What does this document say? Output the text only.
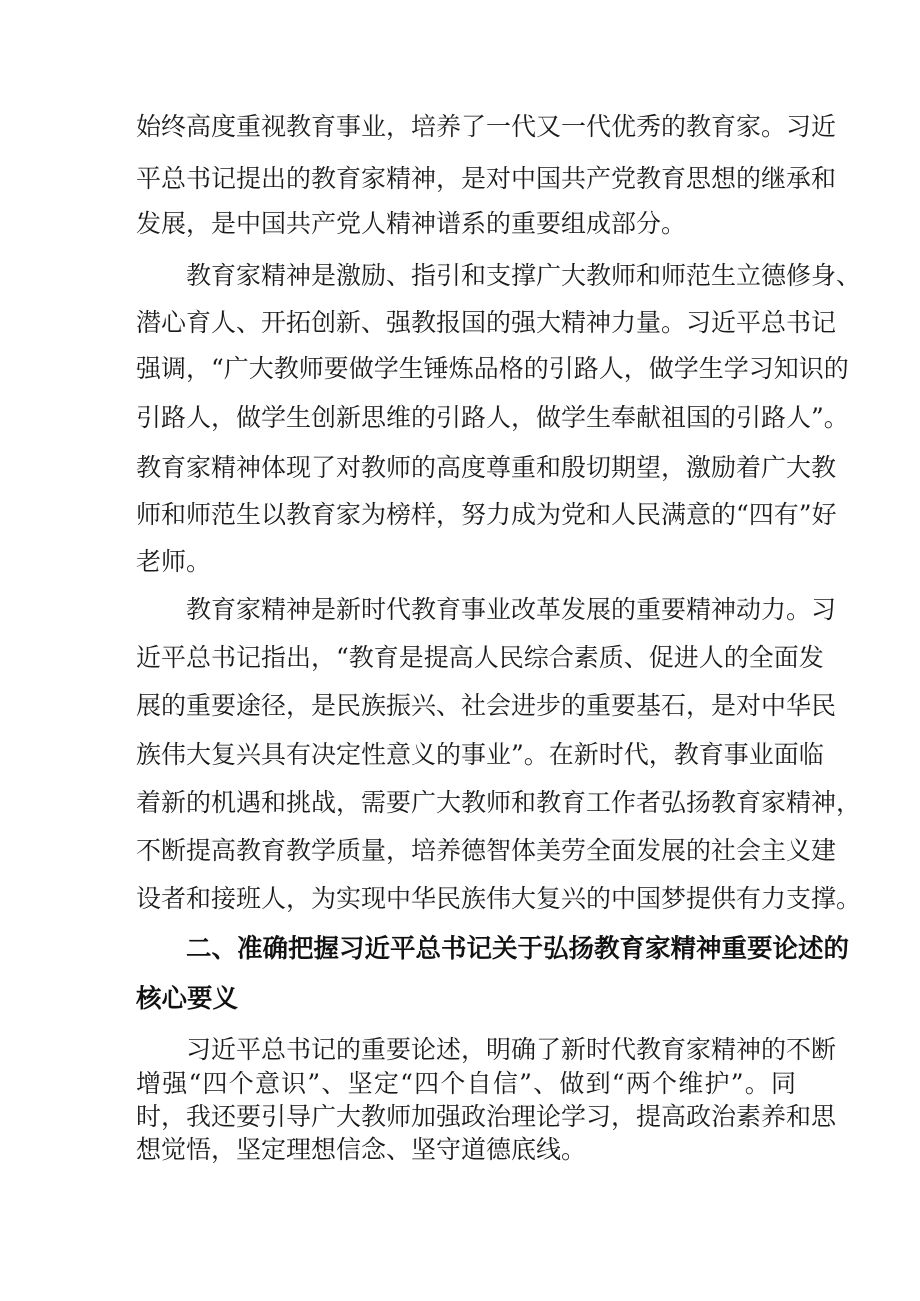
始终高度重视教育事业，培养了一代又一代优秀的教育家。习近

平总书记提出的教育家精神，是对中国共产党教育思想的继承和

发展，是中国共产党人精神谱系的重要组成部分。

教育家精神是激励、指引和支撑广大教师和师范生立德修身、

潜心育人、开拓创新、强教报国的强大精神力量。习近平总书记

强调，“广大教师要做学生锤炼品格的引路人，做学生学习知识的

引路人，做学生创新思维的引路人，做学生奉献祖国的引路人”。

教育家精神体现了对教师的高度尊重和殷切期望，激励着广大教

师和师范生以教育家为榜样，努力成为党和人民满意的“四有”好

老师。

教育家精神是新时代教育事业改革发展的重要精神动力。习

近平总书记指出，“教育是提高人民综合素质、促进人的全面发

展的重要途径，是民族振兴、社会进步的重要基石，是对中华民

族伟大复兴具有决定性意义的事业”。在新时代，教育事业面临

着新的机遇和挑战，需要广大教师和教育工作者弘扬教育家精神，

不断提高教育教学质量，培养德智体美劳全面发展的社会主义建

设者和接班人，为实现中华民族伟大复兴的中国梦提供有力支撑。

二、准确把握习近平总书记关于弘扬教育家精神重要论述的

核心要义

习近平总书记的重要论述，明确了新时代教育家精神的不断

增强“四个意识”、坚定“四个自信”、做到“两个维护”。同

时，我还要引导广大教师加强政治理论学习，提高政治素养和思

想觉悟，坚定理想信念、坚守道德底线。
